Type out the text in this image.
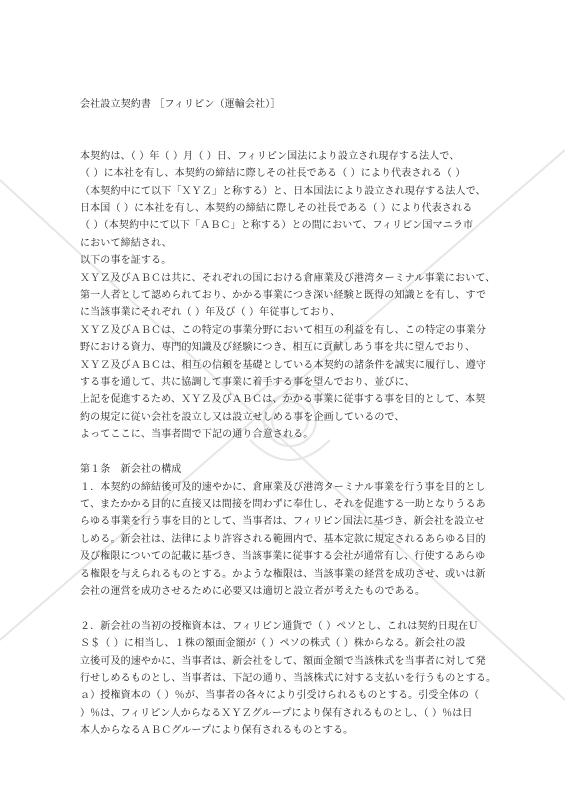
会社設立契約書 ［フィリピン（運輸会社）］

本契約は、（ ）年（ ）月（ ）日、フィリピン国法により設立され現存する法人で、

（ ）に本社を有し、本契約の締結に際しその社長である（ ）により代表される（ ）

（本契約中にて以下「ＸＹＺ」と称する）と、日本国法により設立され現存する法人で、

日本国（ ）に本社を有し、本契約の締結に際しその社長である（ ）により代表される

（ ）（本契約中にて以下「ＡＢＣ」と称する）との間において、フィリピン国マニラ市

において締結され、

以下の事を証する。

ＸＹＺ及びＡＢＣは共に、それぞれの国における倉庫業及び港湾ターミナル事業において、

第一人者として認められており、かかる事業につき深い経験と既得の知識とを有し、すで

に当該事業にそれぞれ（ ）年及び（ ）年従事しており、

ＸＹＺ及びＡＢＣは、この特定の事業分野において相互の利益を有し、この特定の事業分

野における資力、専門的知識及び経験につき、相互に貢献しあう事を共に望んでおり、

ＸＹＺ及びＡＢＣは、相互の信頼を基礎としている本契約の諸条件を誠実に履行し、遵守

する事を通して、共に協調して事業に着手する事を望んでおり、並びに、

上記を促進するため、ＸＹＺ及びＡＢＣは、かかる事業に従事する事を目的として、本契

約の規定に従い会社を設立し又は設立せしめる事を企画しているので、

よってここに、当事者間で下記の通り合意される。

第１条　新会社の構成

１．本契約の締結後可及的速やかに、倉庫業及び港湾ターミナル事業を行う事を目的とし

て、またかかる目的に直接又は間接を問わずに奉仕し、それを促進する一助となりうるあ

らゆる事業を行う事を目的として、当事者は、フィリピン国法に基づき、新会社を設立せ

しめる。新会社は、法律により許容される範囲内で、基本定款に規定されるあらゆる目的

及び権限についての記載に基づき、当該事業に従事する会社が通常有し、行使するあらゆ

る権限を与えられるものとする。かような権限は、当該事業の経営を成功させ、或いは新

会社の運営を成功させるために必要又は適切と設立者が考えたものである。

２．新会社の当初の授権資本は、フィリピン通貨で（ ）ペソとし、これは契約日現在Ｕ

Ｓ＄（ ）に相当し、１株の額面金額が（ ）ペソの株式（ ）株からなる。新会社の設

立後可及的速やかに、当事者は、新会社をして、額面金額で当該株式を当事者に対して発

行せしめるものとし、当事者は、下記の通り、当該株式に対する支払いを行うものとする。

ａ）授権資本の（ ）％が、当事者の各々により引受けられるものとする。引受全体の（

）％は、フィリピン人からなるＸＹＺグループにより保有されるものとし、（ ）％は日

本人からなるＡＢＣグループにより保有されるものとする。
